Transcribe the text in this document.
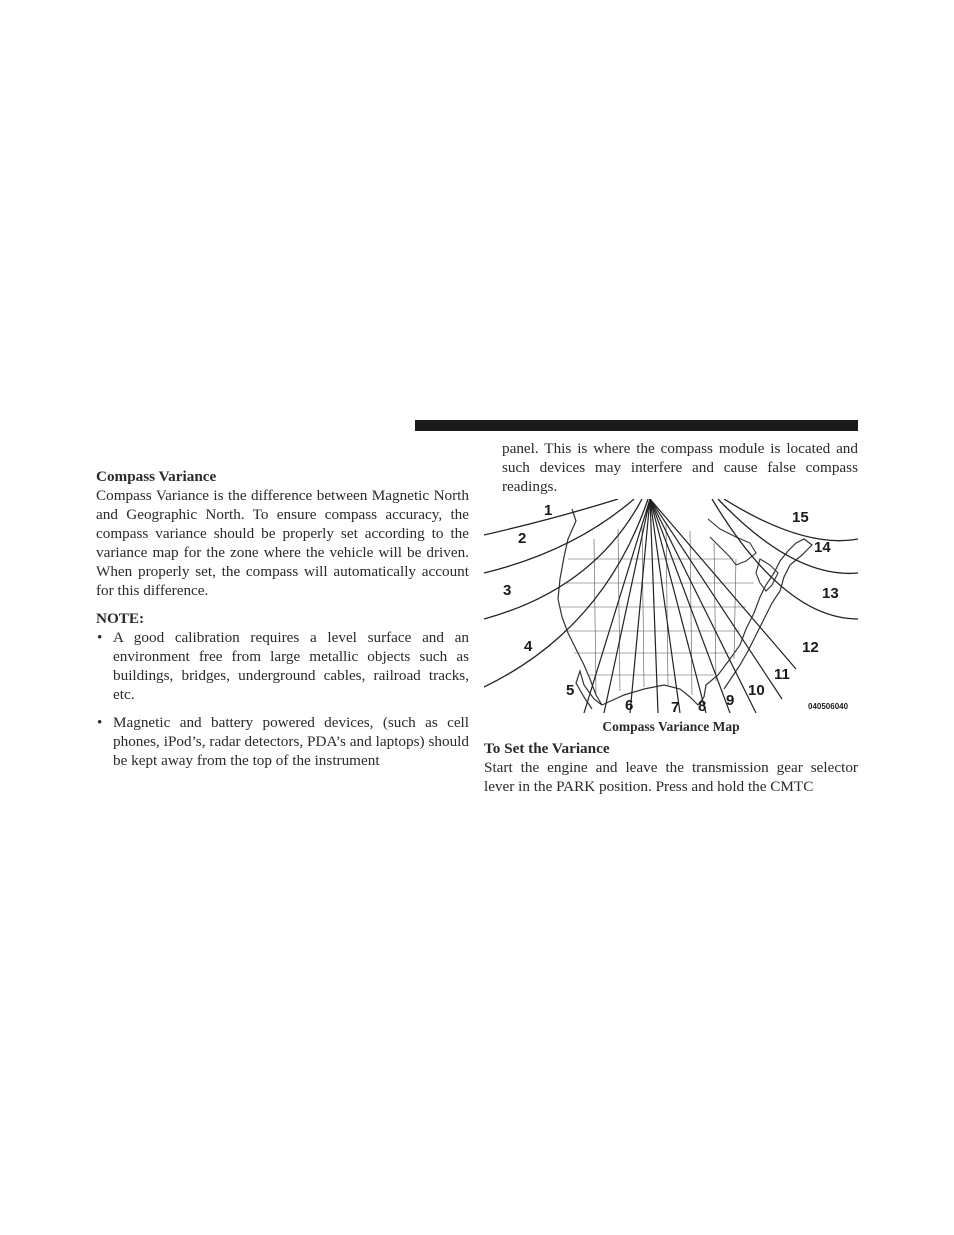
Compass Variance

Compass Variance is the difference between Magnetic North and Geographic North. To ensure compass accuracy, the compass variance should be properly set according to the variance map for the zone where the vehicle will be driven. When properly set, the compass will automatically account for this difference.

NOTE:
• A good calibration requires a level surface and an environment free from large metallic objects such as buildings, bridges, underground cables, railroad tracks, etc.
• Magnetic and battery powered devices, (such as cell phones, iPod’s, radar detectors, PDA’s and laptops) should be kept away from the top of the instrument
panel. This is where the compass module is located and such devices may interfere and cause false compass readings.
1
2
3
4
5
6	7 8 9
10
11
12
13
14
15
040506040
Compass Variance Map
To Set the Variance

Start the engine and leave the transmission gear selector lever in the PARK position. Press and hold the CMTC
